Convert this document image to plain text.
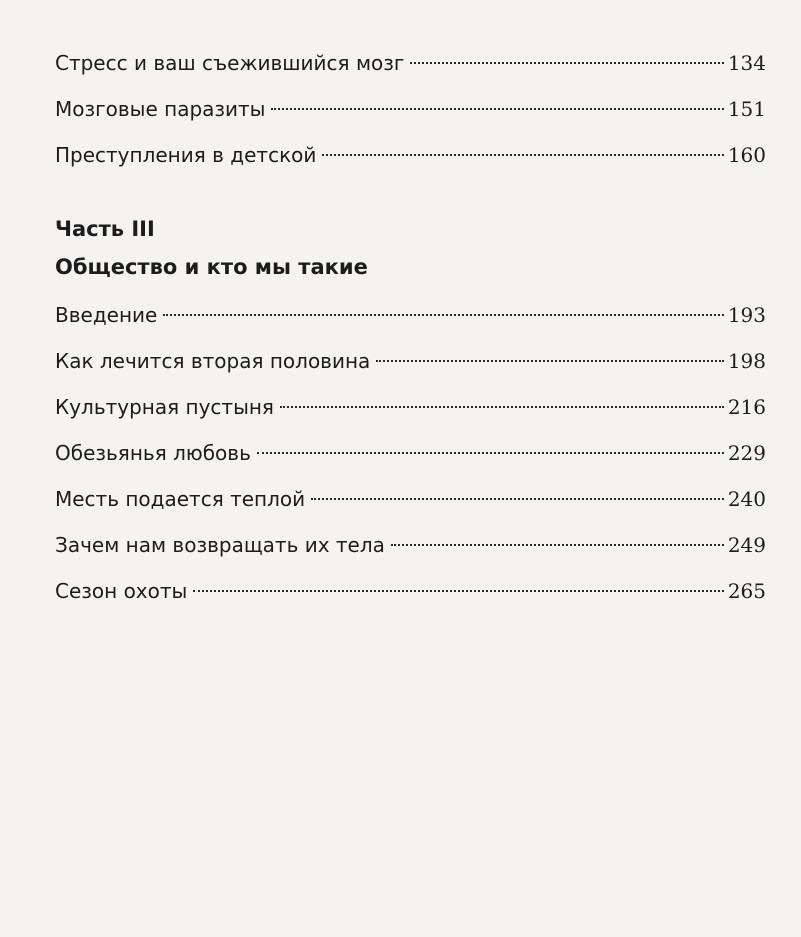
Стресс и ваш съежившийся мозг	134
Мозговые паразиты	151
Преступления в детской	160
Часть III
Общество и кто мы такие
Введение	193
Как лечится вторая половина	198
Культурная пустыня	216
Обезьянья любовь	229
Месть подается теплой	240
Зачем нам возвращать их тела	249
Сезон охоты	265
